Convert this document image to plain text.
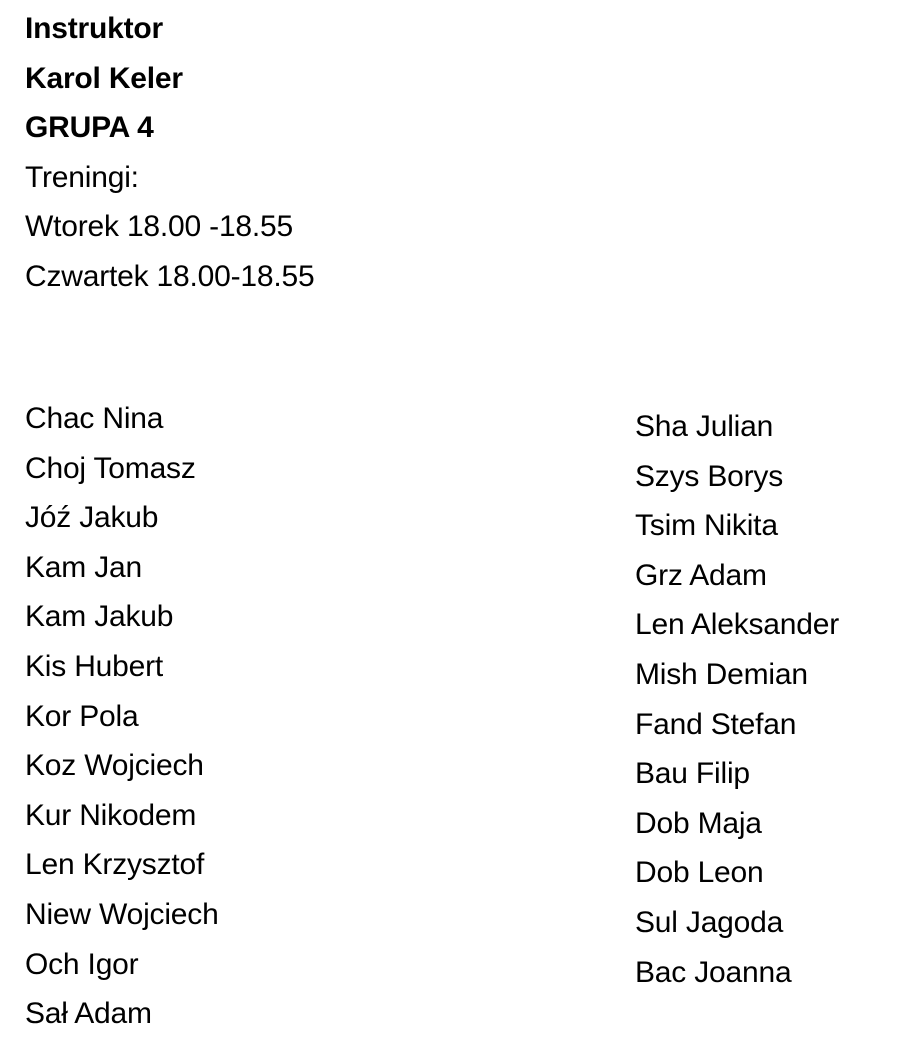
Instruktor
Karol Keler
GRUPA 4
Treningi:
Wtorek 18.00 -18.55
Czwartek 18.00-18.55
Chac Nina
Choj Tomasz
Jóź Jakub
Kam Jan
Kam Jakub
Kis Hubert
Kor Pola
Koz Wojciech
Kur Nikodem
Len Krzysztof
Niew Wojciech
Och Igor
Sał Adam
Sha Julian
Szys Borys
Tsim Nikita
Grz Adam
Len Aleksander
Mish Demian
Fand Stefan
Bau Filip
Dob Maja
Dob Leon
Sul Jagoda
Bac Joanna
